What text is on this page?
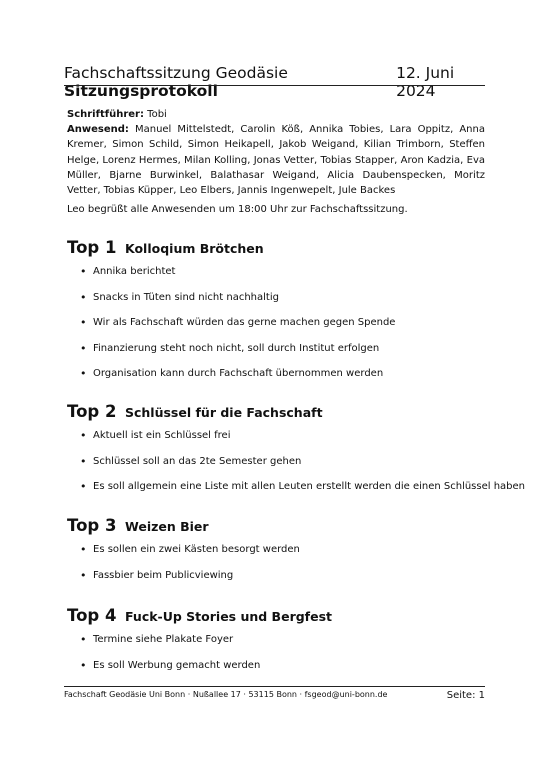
Fachschaftssitzung Geodäsie Sitzungsprotokoll
12. Juni 2024
Schriftführer: Tobi
Anwesend: Manuel Mittelstedt, Carolin Köß, Annika Tobies, Lara Oppitz, Anna Kremer, Simon Schild, Simon Heikapell, Jakob Weigand, Kilian Trimborn, Steffen Helge, Lorenz Hermes, Milan Kolling, Jonas Vetter, Tobias Stapper, Aron Kadzia, Eva Müller, Bjarne Burwinkel, Balathasar Weigand, Alicia Daubenspecken, Moritz Vetter, Tobias Küpper, Leo Elbers, Jannis Ingenwepelt, Jule Backes
Leo begrüßt alle Anwesenden um 18:00 Uhr zur Fachschaftssitzung.
Top 1 Kolloqium Brötchen
• Annika berichtet
• Snacks in Tüten sind nicht nachhaltig
• Wir als Fachschaft würden das gerne machen gegen Spende
• Finanzierung steht noch nicht, soll durch Institut erfolgen
• Organisation kann durch Fachschaft übernommen werden
Top 2 Schlüssel für die Fachschaft
• Aktuell ist ein Schlüssel frei
• Schlüssel soll an das 2te Semester gehen
• Es soll allgemein eine Liste mit allen Leuten erstellt werden die einen Schlüssel haben
Top 3 Weizen Bier
• Es sollen ein zwei Kästen besorgt werden
• Fassbier beim Publicviewing
Top 4 Fuck-Up Stories und Bergfest
• Termine siehe Plakate Foyer
• Es soll Werbung gemacht werden
Fachschaft Geodäsie Uni Bonn · Nußallee 17 · 53115 Bonn · fsgeod@uni-bonn.de	Seite: 1
